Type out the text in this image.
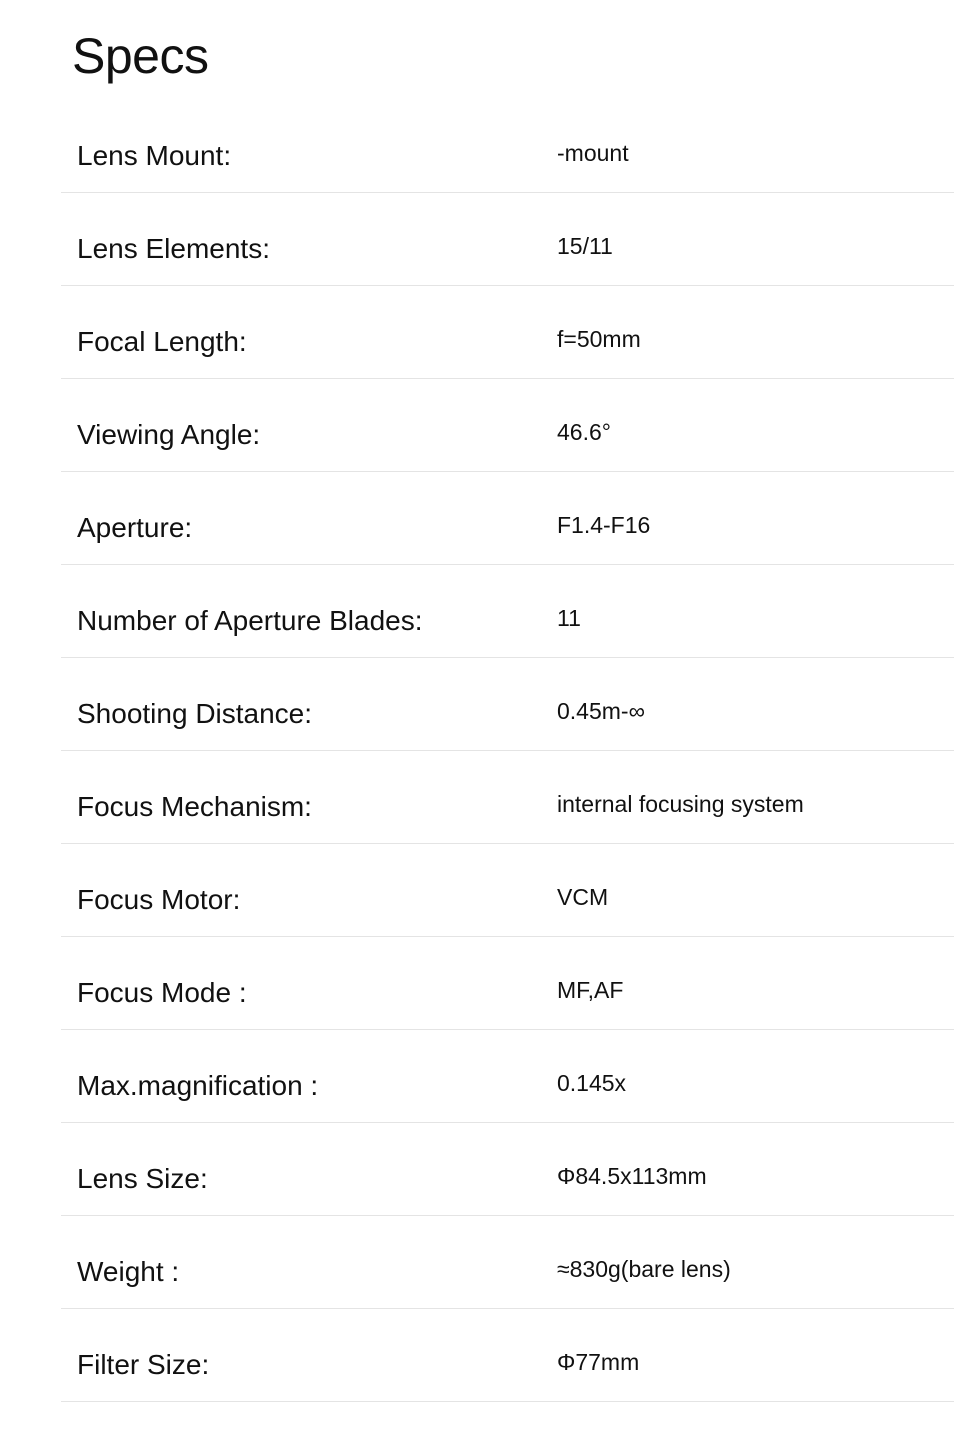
Specs
Lens Mount:	-mount
Lens Elements:	15/11
Focal Length:	f=50mm
Viewing Angle:	46.6°
Aperture:	F1.4-F16
Number of Aperture Blades:	11
Shooting Distance:	0.45m-∞
Focus Mechanism:	internal focusing system
Focus Motor:	VCM
Focus Mode :	MF,AF
Max.magnification :	0.145x
Lens Size:	Φ84.5x113mm
Weight :	≈830g(bare lens)
Filter Size:	Φ77mm
